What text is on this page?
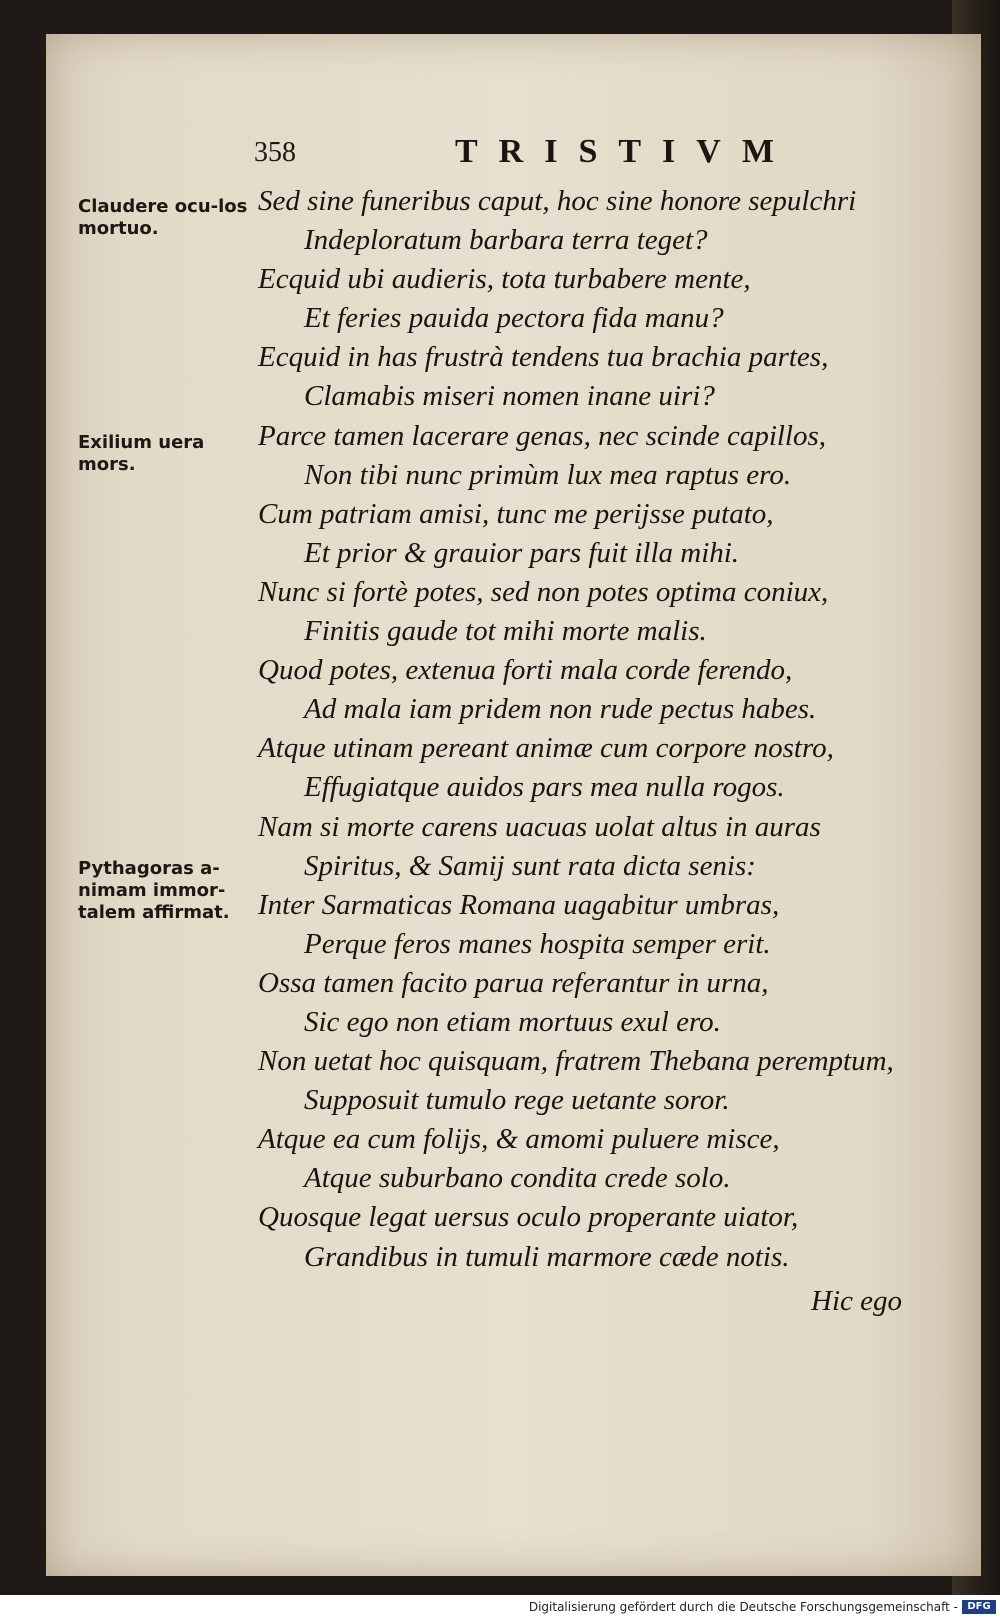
358	TRISTIVM
Claudere ocu-los mortuo.
Exilium uera mors.
Pythagoras a-nimam immor-talem affirmat.
Sed sine funeribus caput, hoc sine honore sepulchri
Indeploratum barbara terra teget?
Ecquid ubi audieris, tota turbabere mente,
Et feries pauida pectora fida manu?
Ecquid in has frustrà tendens tua brachia partes,
Clamabis miseri nomen inane uiri?
Parce tamen lacerare genas, nec scinde capillos,
Non tibi nunc primùm lux mea raptus ero.
Cum patriam amisi, tunc me perijsse putato,
Et prior & grauior pars fuit illa mihi.
Nunc si fortè potes, sed non potes optima coniux,
Finitis gaude tot mihi morte malis.
Quod potes, extenua forti mala corde ferendo,
Ad mala iam pridem non rude pectus habes.
Atque utinam pereant animæ cum corpore nostro,
Effugiatque auidos pars mea nulla rogos.
Nam si morte carens uacuas uolat altus in auras
Spiritus, & Samij sunt rata dicta senis:
Inter Sarmaticas Romana uagabitur umbras,
Perque feros manes hospita semper erit.
Ossa tamen facito parua referantur in urna,
Sic ego non etiam mortuus exul ero.
Non uetat hoc quisquam, fratrem Thebana peremptum,
Supposuit tumulo rege uetante soror.
Atque ea cum folijs, & amomi puluere misce,
Atque suburbano condita crede solo.
Quosque legat uersus oculo properante uiator,
Grandibus in tumuli marmore cæde notis.
Hic ego
Digitalisierung gefördert durch die Deutsche Forschungsgemeinschaft - DFG
